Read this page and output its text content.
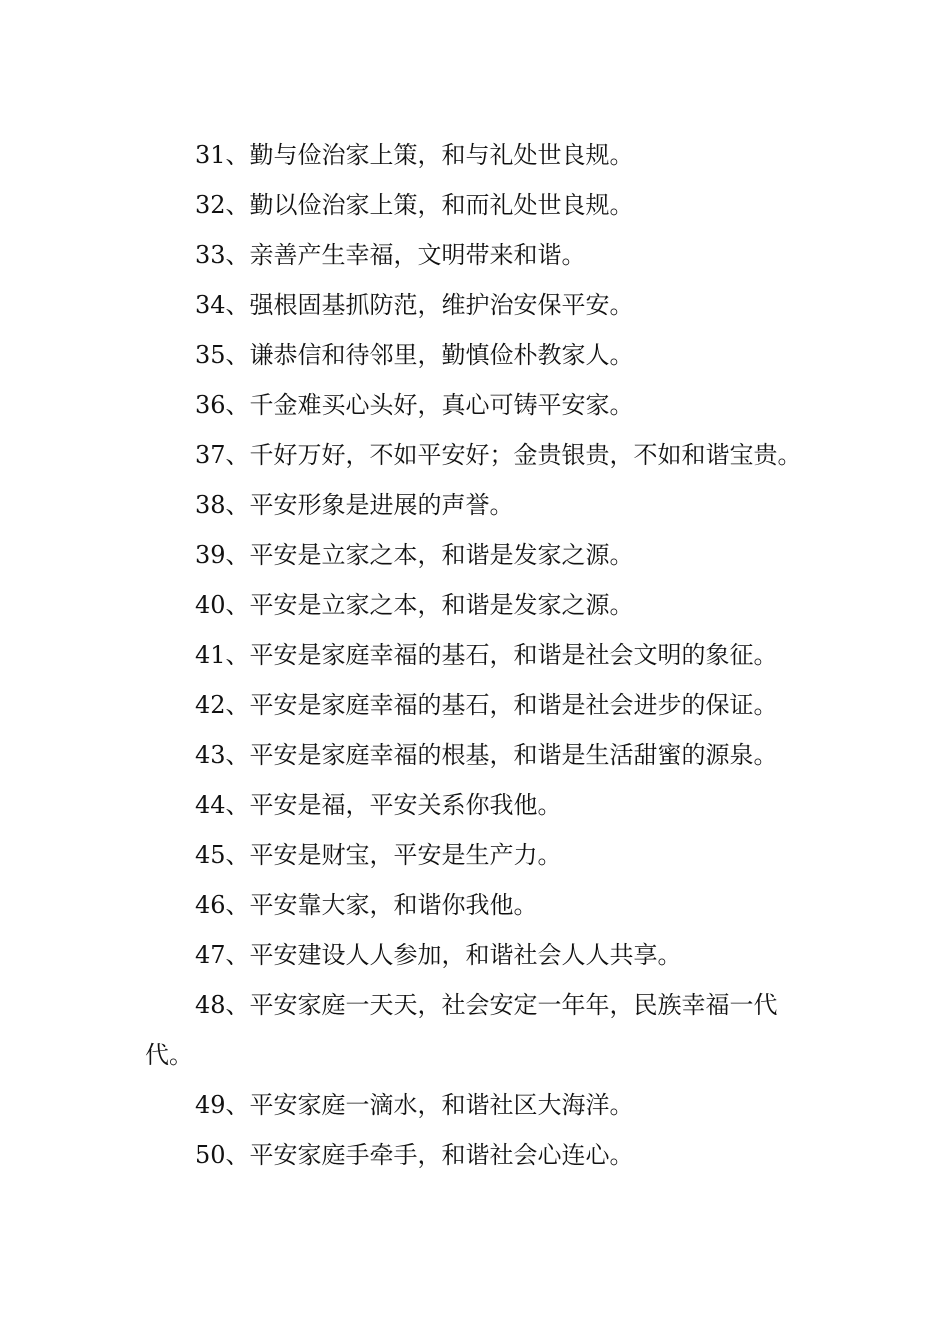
31、勤与俭治家上策，和与礼处世良规。

32、勤以俭治家上策，和而礼处世良规。

33、亲善产生幸福，文明带来和谐。

34、强根固基抓防范，维护治安保平安。

35、谦恭信和待邻里，勤慎俭朴教家人。

36、千金难买心头好，真心可铸平安家。

37、千好万好，不如平安好；金贵银贵，不如和谐宝贵。

38、平安形象是进展的声誉。

39、平安是立家之本，和谐是发家之源。

40、平安是立家之本，和谐是发家之源。

41、平安是家庭幸福的基石，和谐是社会文明的象征。

42、平安是家庭幸福的基石，和谐是社会进步的保证。

43、平安是家庭幸福的根基，和谐是生活甜蜜的源泉。

44、平安是福，平安关系你我他。

45、平安是财宝，平安是生产力。

46、平安靠大家，和谐你我他。

47、平安建设人人参加，和谐社会人人共享。

48、平安家庭一天天，社会安定一年年，民族幸福一代代。

49、平安家庭一滴水，和谐社区大海洋。

50、平安家庭手牵手，和谐社会心连心。
